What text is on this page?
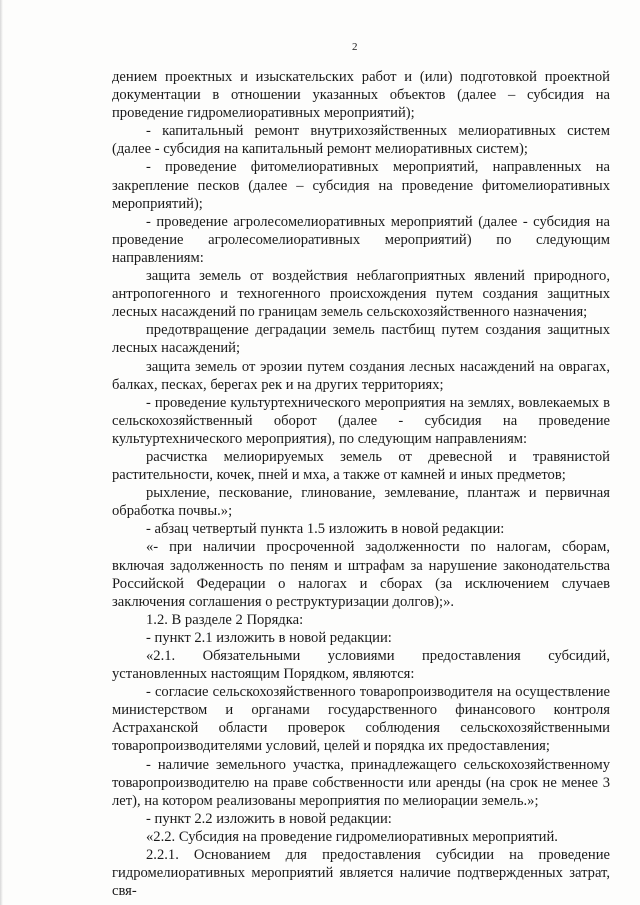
2

дением проектных и изыскательских работ и (или) подготовкой проектной документации в отношении указанных объектов (далее – субсидия на проведение гидромелиоративных мероприятий);

- капитальный ремонт внутрихозяйственных мелиоративных систем (далее - субсидия на капитальный ремонт мелиоративных систем);

- проведение фитомелиоративных мероприятий, направленных на закрепление песков (далее – субсидия на проведение фитомелиоративных мероприятий);

- проведение агролесомелиоративных мероприятий (далее - субсидия на проведение агролесомелиоративных мероприятий) по следующим направлениям:

защита земель от воздействия неблагоприятных явлений природного, антропогенного и техногенного происхождения путем создания защитных лесных насаждений по границам земель сельскохозяйственного назначения;

предотвращение деградации земель пастбищ путем создания защитных лесных насаждений;

защита земель от эрозии путем создания лесных насаждений на оврагах, балках, песках, берегах рек и на других территориях;

- проведение культуртехнического мероприятия на землях, вовлекаемых в сельскохозяйственный оборот (далее - субсидия на проведение культуртехнического мероприятия), по следующим направлениям:

расчистка мелиорируемых земель от древесной и травянистой растительности, кочек, пней и мха, а также от камней и иных предметов;

рыхление, пескование, глинование, землевание, плантаж и первичная обработка почвы.»;

- абзац четвертый пункта 1.5 изложить в новой редакции:

«- при наличии просроченной задолженности по налогам, сборам, включая задолженность по пеням и штрафам за нарушение законодательства Российской Федерации о налогах и сборах (за исключением случаев заключения соглашения о реструктуризации долгов);».

1.2. В разделе 2 Порядка:

- пункт 2.1 изложить в новой редакции:

«2.1. Обязательными условиями предоставления субсидий, установленных настоящим Порядком, являются:

- согласие сельскохозяйственного товаропроизводителя на осуществление министерством и органами государственного финансового контроля Астраханской области проверок соблюдения сельскохозяйственными товаропроизводителями условий, целей и порядка их предоставления;

- наличие земельного участка, принадлежащего сельскохозяйственному товаропроизводителю на праве собственности или аренды (на срок не менее 3 лет), на котором реализованы мероприятия по мелиорации земель.»;

- пункт 2.2 изложить в новой редакции:

«2.2. Субсидия на проведение гидромелиоративных мероприятий.

2.2.1. Основанием для предоставления субсидии на проведение гидромелиоративных мероприятий является наличие подтвержденных затрат, свя-
